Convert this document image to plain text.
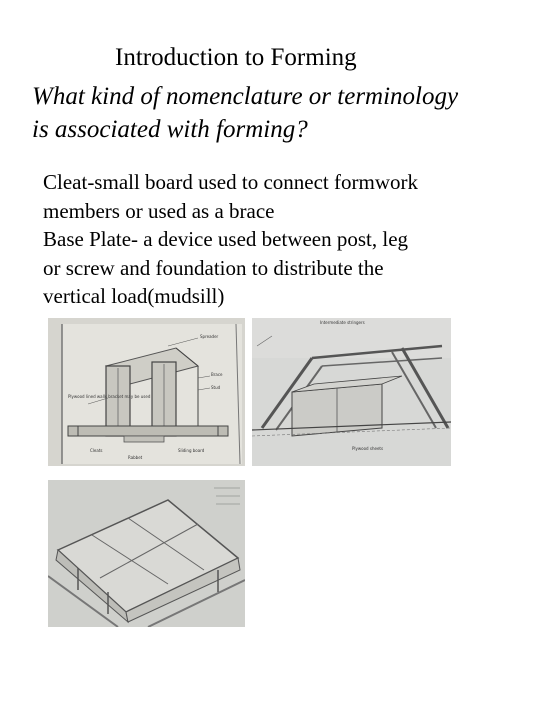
Introduction to Forming
What kind of nomenclature or terminology
is associated with forming?
Cleat-small board used to connect formwork
members or used as a brace
Base Plate- a device used between post, leg
or screw and foundation to distribute the
vertical load(mudsill)
Spreader
Brace
Stud
Plywood lined walls bracket may be used
Cleats	Sliding board
Rabbet
Intermediate stringers
Plywood sheets
